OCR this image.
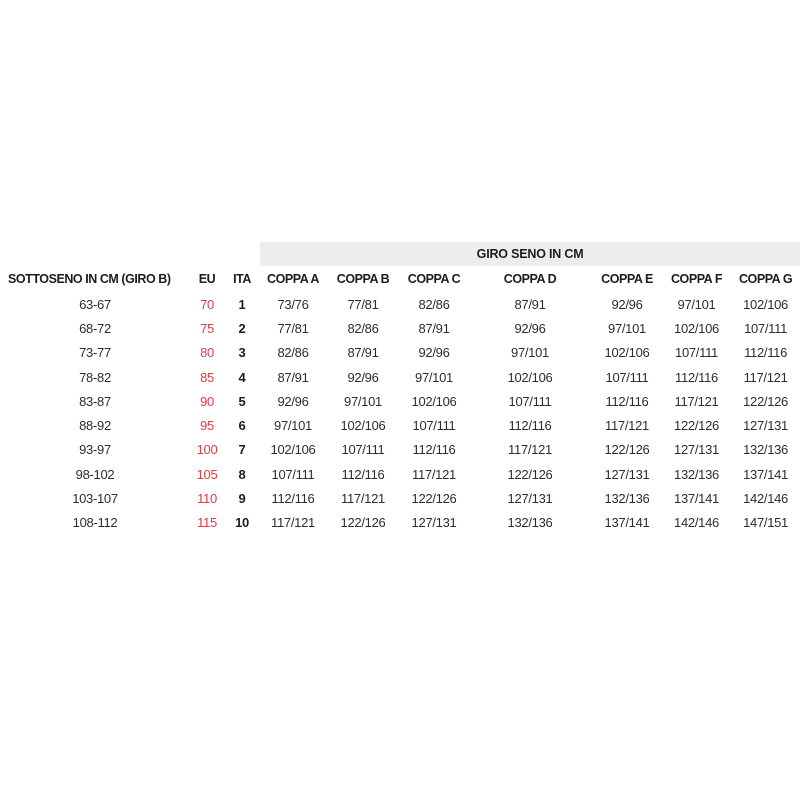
			GIRO SENO IN CM						
SOTTOSENO IN CM (GIRO B)	EU	ITA	COPPA A	COPPA B	COPPA C	COPPA D	COPPA E	COPPA F	COPPA G
63-67	70	1	73/76	77/81	82/86	87/91	92/96	97/101	102/106
68-72	75	2	77/81	82/86	87/91	92/96	97/101	102/106	107/111
73-77	80	3	82/86	87/91	92/96	97/101	102/106	107/111	112/116
78-82	85	4	87/91	92/96	97/101	102/106	107/111	112/116	117/121
83-87	90	5	92/96	97/101	102/106	107/111	112/116	117/121	122/126
88-92	95	6	97/101	102/106	107/111	112/116	117/121	122/126	127/131
93-97	100	7	102/106	107/111	112/116	117/121	122/126	127/131	132/136
98-102	105	8	107/111	112/116	117/121	122/126	127/131	132/136	137/141
103-107	110	9	112/116	117/121	122/126	127/131	132/136	137/141	142/146
108-112	115	10	117/121	122/126	127/131	132/136	137/141	142/146	147/151
